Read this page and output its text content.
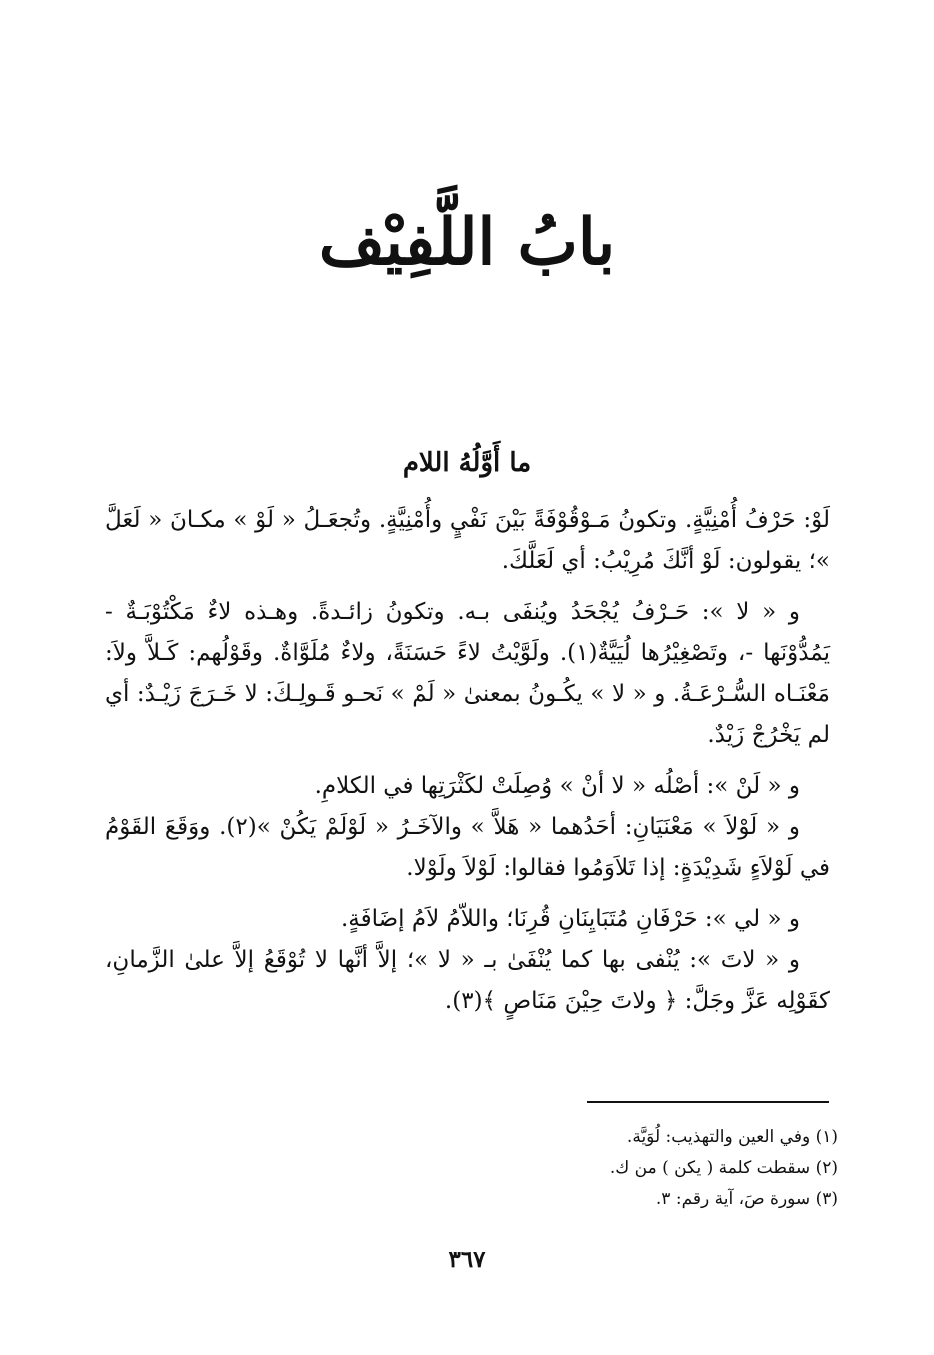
بابُ اللَّفِيْف
ما أَوَّلُهُ اللام

لَوْ: حَرْفُ أُمْنِيَّةٍ. وتكونُ مَـوْقُوْفَةً بَيْنَ نَفْيٍ وأُمْنِيَّةٍ. وتُجعَـلُ « لَوْ » مكـانَ « لَعَلَّ »؛ يقولون: لَوْ أنَّكَ مُرِيْبُ: أي لَعَلَّكَ.

و « لا »: حَـرْفُ يُجْحَدُ ويُنفَى بـه. وتكونُ زائـدةً. وهـذه لاءٌ مَكْتُوْبَـةٌ - يَمُدُّوْنَها -، وتَصْغِيْرُها لُيَيَّةٌ(١). ولَوَّيْتُ لاءً حَسَنَةً، ولاءٌ مُلَوَّاةٌ. وقَوْلُهم: كَـلاَّ ولاَ: مَعْنَـاه السُّـرْعَـةُ. و « لا » يكُـونُ بمعنىٰ « لَمْ » نَحـو قَـولِـكَ: لا خَـرَجَ زَيْـدٌ: أي لم يَخْرُجْ زَيْدٌ.

و « لَنْ »: أصْلُه « لا أنْ » وُصِلَتْ لكَثْرَتِها في الكلامِ.

و « لَوْلاَ » مَعْنَيَانِ: أحَدُهما « هَلاَّ » والآخَـرُ « لَوْلَمْ يَكُنْ »(٢). ووَقَعَ القَوْمُ في لَوْلاَءٍ شَدِيْدَةٍ: إذا تَلاَوَمُوا فقالوا: لَوْلاَ ولَوْلا.

و « لي »: حَرْفَانِ مُتَبَايِنَانِ قُرِنَا؛ واللاّمُ لاَمُ إضَافَةٍ.

و « لاتَ »: يُنْفى بها كما يُنْفَىٰ بـ « لا »؛ إلاَّ أنَّها لا تُوْقَعُ إلاَّ علىٰ الزَّمانِ، كقَوْلِه عَزَّ وجَلَّ: ﴿ ولاتَ حِيْنَ مَنَاصٍ ﴾(٣).

(١) وفي العين والتهذيب: لُوَيَّة.

(٢) سقطت كلمة ( يكن ) من ك.

(٣) سورة صَ، آية رقم: ٣.

٣٦٧
